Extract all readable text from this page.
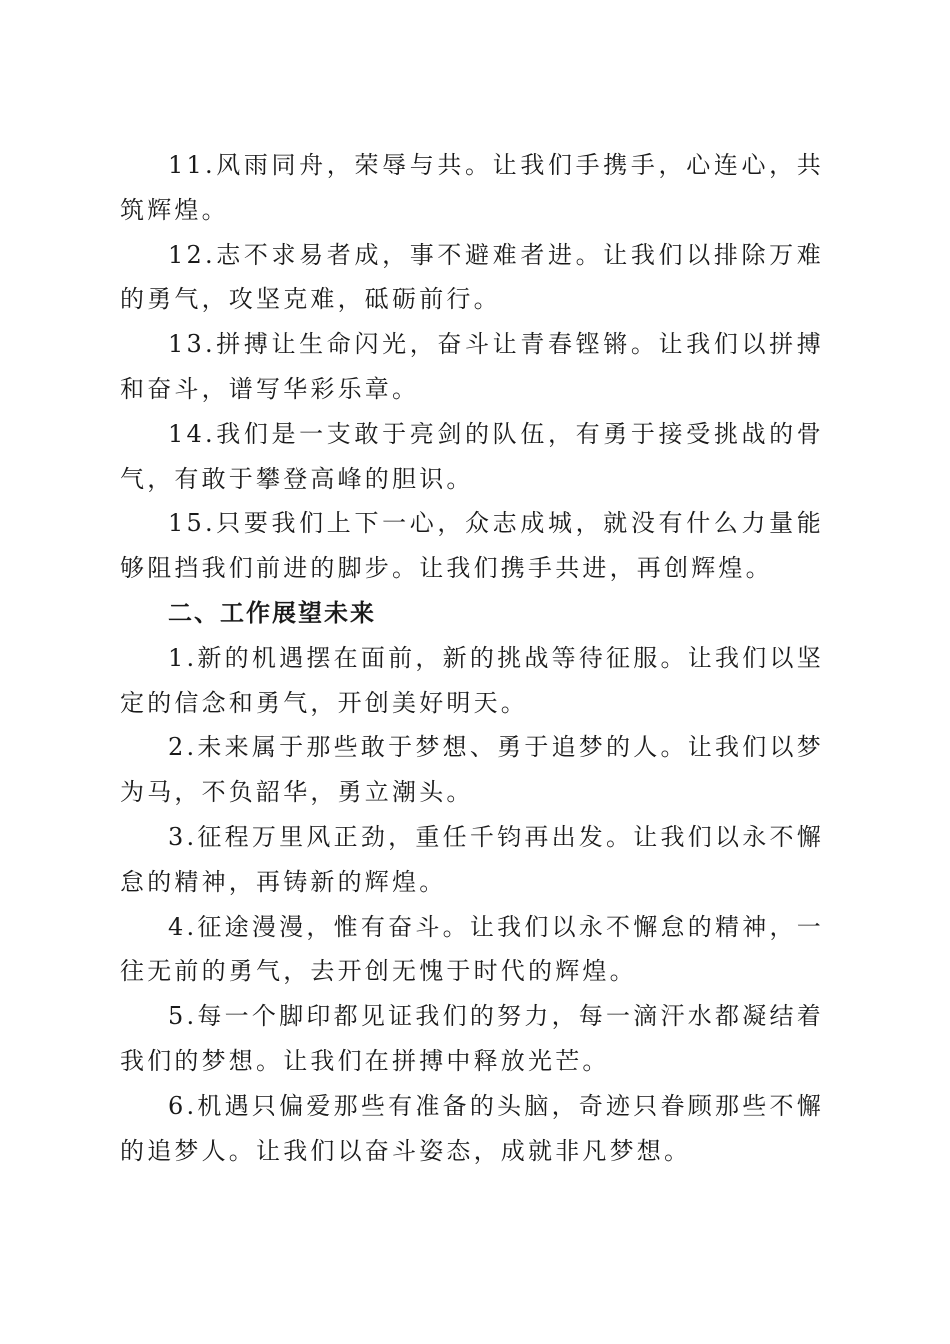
11.风雨同舟，荣辱与共。让我们手携手，心连心，共筑辉煌。

12.志不求易者成，事不避难者进。让我们以排除万难的勇气，攻坚克难，砥砺前行。

13.拼搏让生命闪光，奋斗让青春铿锵。让我们以拼搏和奋斗，谱写华彩乐章。

14.我们是一支敢于亮剑的队伍，有勇于接受挑战的骨气，有敢于攀登高峰的胆识。

15.只要我们上下一心，众志成城，就没有什么力量能够阻挡我们前进的脚步。让我们携手共进，再创辉煌。

二、工作展望未来

1.新的机遇摆在面前，新的挑战等待征服。让我们以坚定的信念和勇气，开创美好明天。

2.未来属于那些敢于梦想、勇于追梦的人。让我们以梦为马，不负韶华，勇立潮头。

3.征程万里风正劲，重任千钧再出发。让我们以永不懈怠的精神，再铸新的辉煌。

4.征途漫漫，惟有奋斗。让我们以永不懈怠的精神，一往无前的勇气，去开创无愧于时代的辉煌。

5.每一个脚印都见证我们的努力，每一滴汗水都凝结着我们的梦想。让我们在拼搏中释放光芒。

6.机遇只偏爱那些有准备的头脑，奇迹只眷顾那些不懈的追梦人。让我们以奋斗姿态，成就非凡梦想。
